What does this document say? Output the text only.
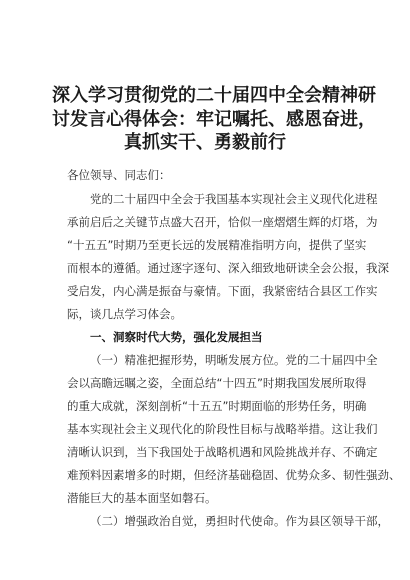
深入学习贯彻党的二十届四中全会精神研
讨发言心得体会：牢记嘱托、感恩奋进，
真抓实干、勇毅前行
各位领导、同志们：
党的二十届四中全会于我国基本实现社会主义现代化进程
承前启后之关键节点盛大召开，恰似一座熠熠生辉的灯塔，为
“十五五”时期乃至更长远的发展精准指明方向，提供了坚实
而根本的遵循。通过逐字逐句、深入细致地研读全会公报，我深
受启发，内心满是振奋与豪情。下面，我紧密结合县区工作实
际，谈几点学习体会。
一、洞察时代大势，强化发展担当
（一）精准把握形势，明晰发展方位。党的二十届四中全
会以高瞻远瞩之姿，全面总结“十四五”时期我国发展所取得
的重大成就，深刻剖析“十五五”时期面临的形势任务，明确
基本实现社会主义现代化的阶段性目标与战略举措。这让我们
清晰认识到，当下我国处于战略机遇和风险挑战并存、不确定
难预料因素增多的时期，但经济基础稳固、优势众多、韧性强劲、
潜能巨大的基本面坚如磐石。
（二）增强政治自觉，勇担时代使命。作为县区领导干部，
